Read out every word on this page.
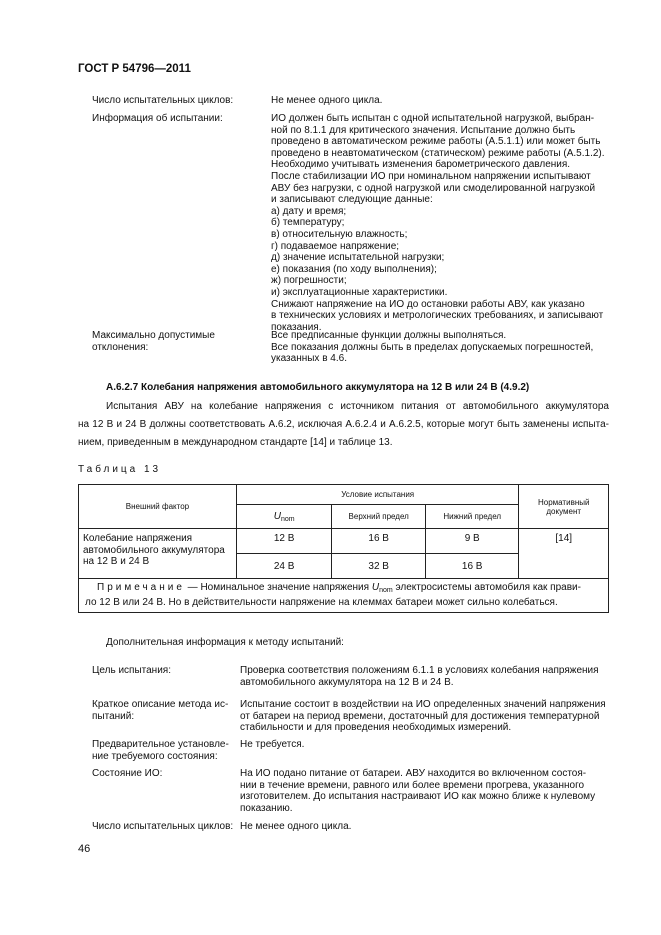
ГОСТ Р 54796—2011
Число испытательных циклов:	Не менее одного цикла.
Информация об испытании:	ИО должен быть испытан с одной испытательной нагрузкой, выбран-
ной по 8.1.1 для критического значения. Испытание должно быть
проведено в автоматическом режиме работы (А.5.1.1) или может быть
проведено в неавтоматическом (статическом) режиме работы (А.5.1.2).
Необходимо учитывать изменения барометрического давления.
После стабилизации ИО при номинальном напряжении испытывают
АВУ без нагрузки, с одной нагрузкой или смоделированной нагрузкой
и записывают следующие данные:
а) дату и время;
б) температуру;
в) относительную влажность;
г) подаваемое напряжение;
д) значение испытательной нагрузки;
е) показания (по ходу выполнения);
ж) погрешности;
и) эксплуатационные характеристики.
Снижают напряжение на ИО до остановки работы АВУ, как указано
в технических условиях и метрологических требованиях, и записывают
показания.
Максимально допустимые
отклонения:
Все предписанные функции должны выполняться.
Все показания должны быть в пределах допускаемых погрешностей,
указанных в 4.6.
А.6.2.7 Колебания напряжения автомобильного аккумулятора на 12 В или 24 В (4.9.2)
Испытания АВУ на колебание напряжения с источником питания от автомобильного аккумулятора
на 12 В и 24 В должны соответствовать А.6.2, исключая А.6.2.4 и А.6.2.5, которые могут быть заменены испыта-
нием, приведенным в международном стандарте [14] и таблице 13.
Таблица 13
Внешний фактор	Условие испытания			Нормативный документ
	$U_{nom}$	Верхний предел	Нижний предел	
Колебание напряжения автомобильного аккумулятора на 12 В и 24 В	12 В	16 В	9 В	[14]
	24 В	32 В	16 В	

Примечание — Номинальное значение напряжения $U_{nom}$ электросистемы автомобиля как прави-
ло 12 В или 24 В. Но в действительности напряжение на клеммах батареи может сильно колебаться.				
Дополнительная информация к методу испытаний:
Цель испытания:	Проверка соответствия положениям 6.1.1 в условиях колебания напряжения
автомобильного аккумулятора на 12 В и 24 В.
Краткое описание метода ис-
пытаний:
Испытание состоит в воздействии на ИО определенных значений напряжения
от батареи на период времени, достаточный для достижения температурной
стабильности и для проведения необходимых измерений.
Предварительное установле-
ние требуемого состояния:
Не требуется.
Состояние ИО:	На ИО подано питание от батареи. АВУ находится во включенном состоя-
нии в течение времени, равного или более времени прогрева, указанного
изготовителем. До испытания настраивают ИО как можно ближе к нулевому
показанию.
Число испытательных циклов: Не менее одного цикла.
46
